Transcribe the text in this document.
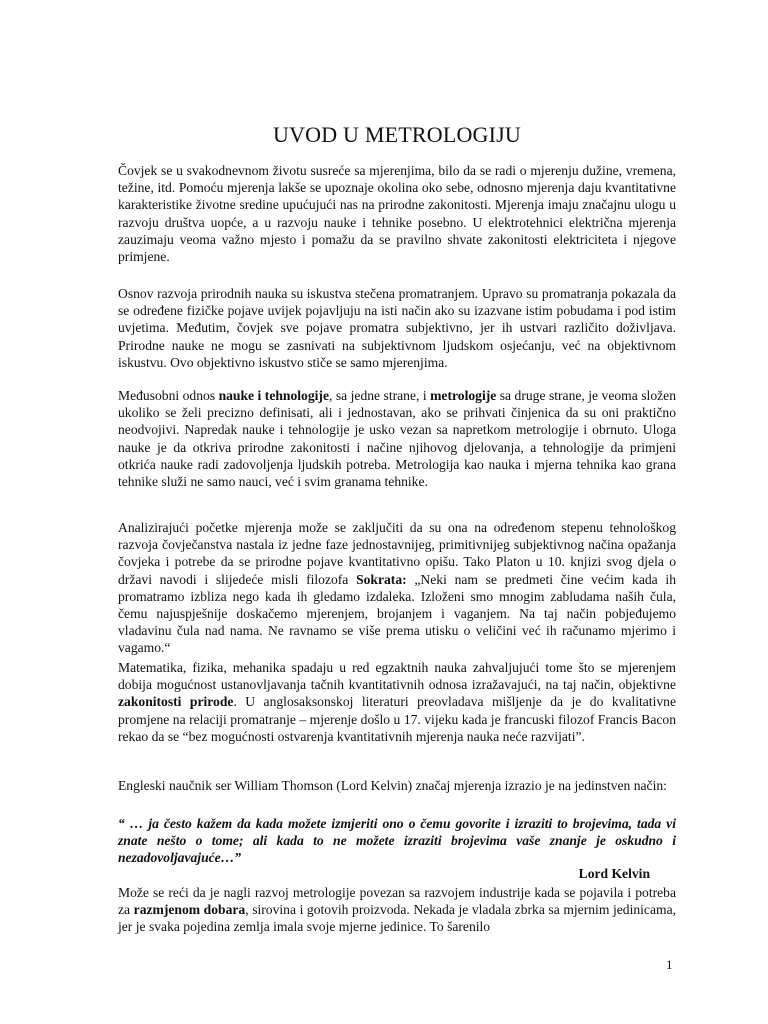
UVOD U METROLOGIJU
Čovjek se u svakodnevnom životu susreće sa mjerenjima, bilo da se radi o mjerenju dužine, vremena, težine, itd. Pomoću mjerenja lakše se upoznaje okolina oko sebe, odnosno mjerenja daju kvantitativne karakteristike životne sredine upućujući nas na prirodne zakonitosti. Mjerenja imaju značajnu ulogu u razvoju društva uopće, a u razvoju nauke i tehnike posebno. U elektrotehnici električna mjerenja zauzimaju veoma važno mjesto i pomažu da se pravilno shvate zakonitosti elektriciteta i njegove primjene.
Osnov razvoja prirodnih nauka su iskustva stečena promatranjem. Upravo su promatranja pokazala da se određene fizičke pojave uvijek pojavljuju na isti način ako su izazvane istim pobudama i pod istim uvjetima. Međutim, čovjek sve pojave promatra subjektivno, jer ih ustvari različito doživljava. Prirodne nauke ne mogu se zasnivati na subjektivnom ljudskom osjećanju, već na objektivnom iskustvu. Ovo objektivno iskustvo stiče se samo mjerenjima.
Međusobni odnos nauke i tehnologije, sa jedne strane, i metrologije sa druge strane, je veoma složen ukoliko se želi precizno definisati, ali i jednostavan, ako se prihvati činjenica da su oni praktično neodvojivi. Napredak nauke i tehnologije je usko vezan sa napretkom metrologije i obrnuto. Uloga nauke je da otkriva prirodne zakonitosti i načine njihovog djelovanja, a tehnologije da primjeni otkrića nauke radi zadovoljenja ljudskih potreba. Metrologija kao nauka i mjerna tehnika kao grana tehnike služi ne samo nauci, već i svim granama tehnike.
Analizirajući početke mjerenja može se zaključiti da su ona na određenom stepenu tehnološkog razvoja čovječanstva nastala iz jedne faze jednostavnijeg, primitivnijeg subjektivnog načina opažanja čovjeka i potrebe da se prirodne pojave kvantitativno opišu. Tako Platon u 10. knjizi svog djela o državi navodi i slijedeće misli filozofa Sokrata: „Neki nam se predmeti čine većim kada ih promatramo izbliza nego kada ih gledamo izdaleka. Izloženi smo mnogim zabludama naših čula, čemu najuspješnije doskačemo mjerenjem, brojanjem i vaganjem. Na taj način pobjeđujemo vladavinu čula nad nama. Ne ravnamo se više prema utisku o veličini već ih računamo mjerimo i vagamo.“
Matematika, fizika, mehanika spadaju u red egzaktnih nauka zahvaljujući tome što se mjerenjem dobija mogućnost ustanovljavanja tačnih kvantitativnih odnosa izražavajući, na taj način, objektivne zakonitosti prirode. U anglosaksonskoj literaturi preovladava mišljenje da je do kvalitativne promjene na relaciji promatranje – mjerenje došlo u 17. vijeku kada je francuski filozof Francis Bacon rekao da se “bez mogućnosti ostvarenja kvantitativnih mjerenja nauka neće razvijati”.
Engleski naučnik ser William Thomson (Lord Kelvin) značaj mjerenja izrazio je na jedinstven način:
“ … ja često kažem da kada možete izmjeriti ono o čemu govorite i izraziti to brojevima, tada vi znate nešto o tome; ali kada to ne možete izraziti brojevima vaše znanje je oskudno i nezadovoljavajuće…”
Lord Kelvin
Može se reći da je nagli razvoj metrologije povezan sa razvojem industrije kada se pojavila i potreba za razmjenom dobara, sirovina i gotovih proizvoda. Nekada je vladala zbrka sa mjernim jedinicama, jer je svaka pojedina zemlja imala svoje mjerne jedinice. To šarenilo
1
